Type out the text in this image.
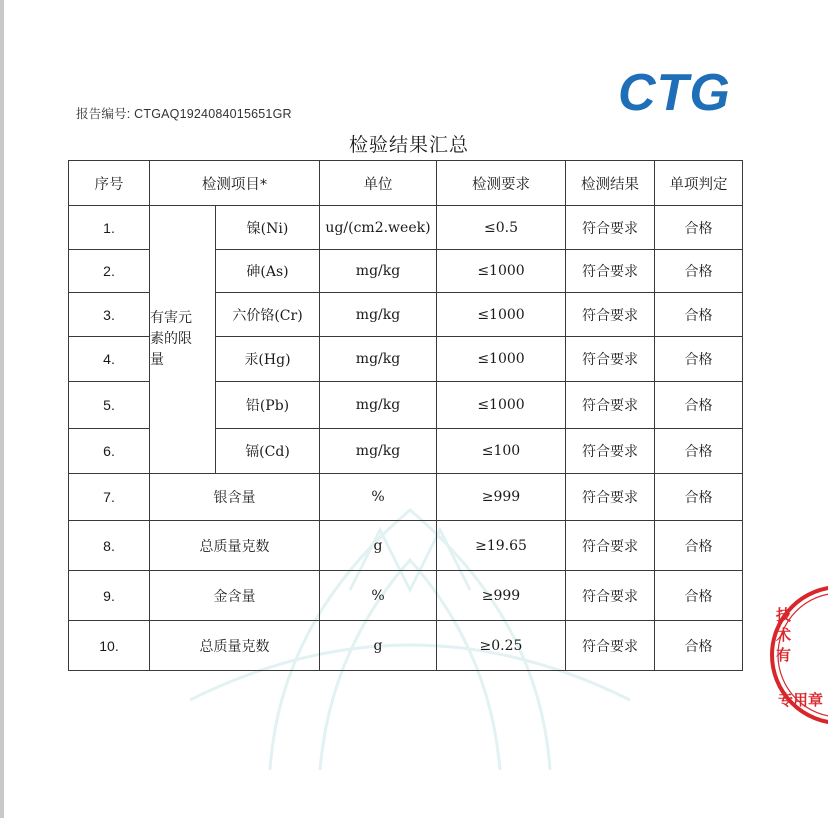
报告编号: CTGAQ1924084015651GR	CTG
检验结果汇总
序号	检测项目*		单位	检测要求	检测结果	单项判定
1.	有害元
素的限
量	镍(Ni)	ug/(cm2.week)	≤0.5	符合要求	合格
2.		砷(As)	mg/kg	≤1000	符合要求	合格
3.		六价铬(Cr)	mg/kg	≤1000	符合要求	合格
4.		汞(Hg)	mg/kg	≤1000	符合要求	合格
5.		铅(Pb)	mg/kg	≤1000	符合要求	合格
6.		镉(Cd)	mg/kg	≤100	符合要求	合格
7.	银含量		%	≥999	符合要求	合格
8.	总质量克数		g	≥19.65	符合要求	合格
9.	金含量		%	≥999	符合要求	合格
10.	总质量克数		g	≥0.25	符合要求	合格
技
术
有
专用章
